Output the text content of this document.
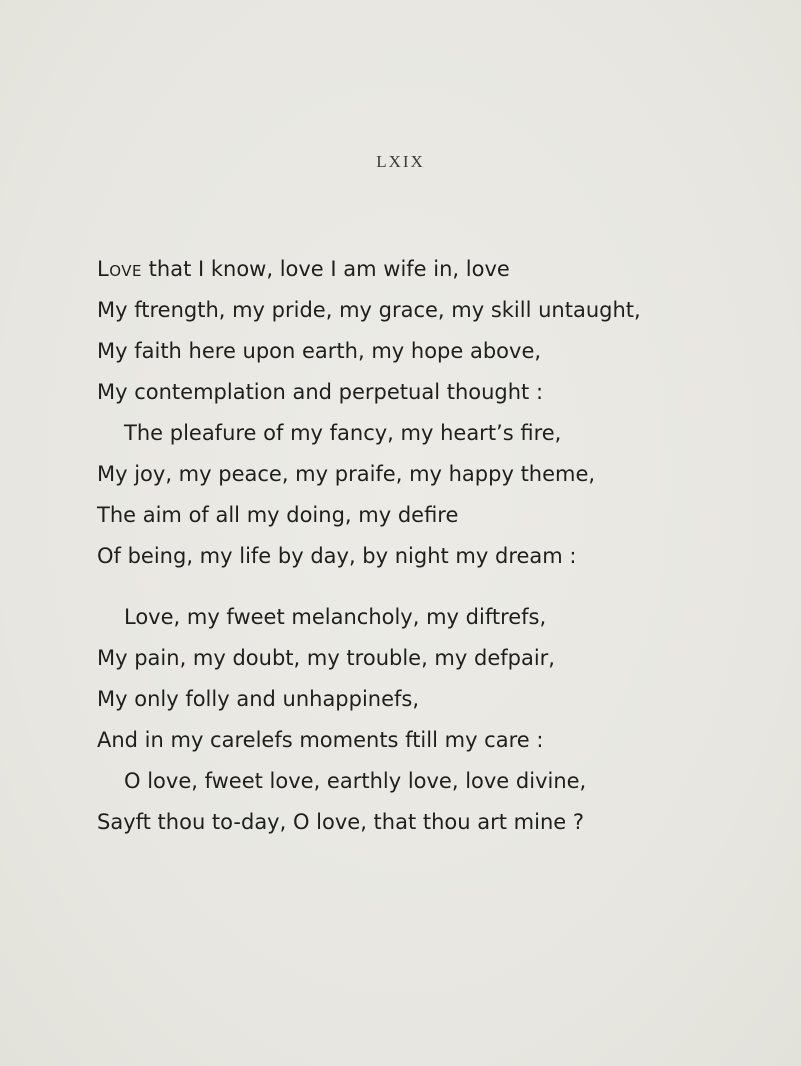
LXIX
Love that I know, love I am wife in, love
My ftrength, my pride, my grace, my skill untaught,
My faith here upon earth, my hope above,
My contemplation and perpetual thought :
The pleafure of my fancy, my heart’s fire,
My joy, my peace, my praife, my happy theme,
The aim of all my doing, my defire
Of being, my life by day, by night my dream :
Love, my fweet melancholy, my diftrefs,
My pain, my doubt, my trouble, my defpair,
My only folly and unhappinefs,
And in my carelefs moments ftill my care :
O love, fweet love, earthly love, love divine,
Sayft thou to-day, O love, that thou art mine ?
